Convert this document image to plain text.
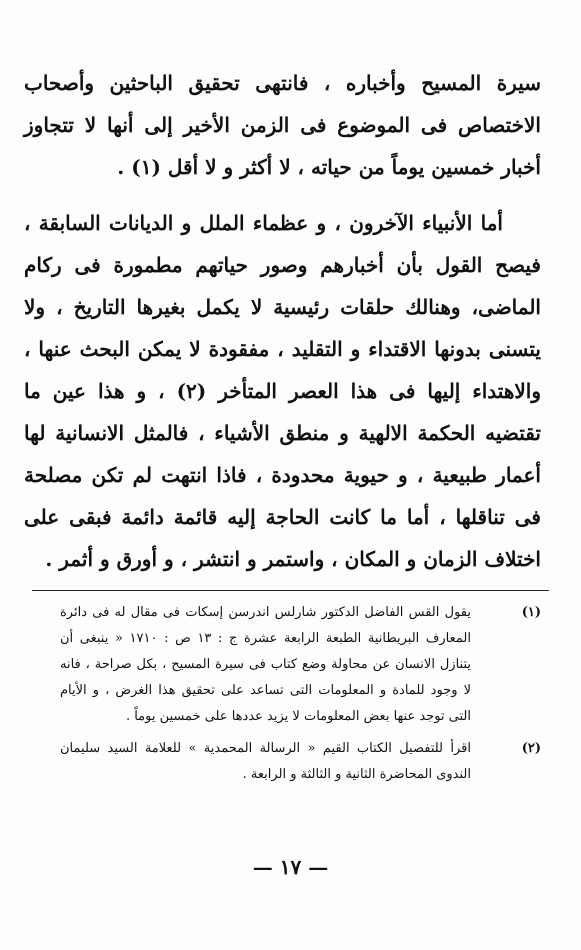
سيرة المسيح وأخباره ، فانتهى تحقيق الباحثين وأصحاب الاختصاص فى الموضوع فى الزمن الأخير إلى أنها لا تتجاوز أخبار خمسين يوماً من حياته ، لا أكثر و لا أقل (١) .

أما الأنبياء الآخرون ، و عظماء الملل و الديانات السابقة ، فيصح القول بأن أخبارهم وصور حياتهم مطمورة فى ركام الماضى، وهنالك حلقات رئيسية لا يكمل بغيرها التاريخ ، ولا يتسنى بدونها الاقتداء و التقليد ، مفقودة لا يمكن البحث عنها ، والاهتداء إليها فى هذا العصر المتأخر (٢) ، و هذا عين ما تقتضيه الحكمة الالهية و منطق الأشياء ، فالمثل الانسانية لها أعمار طبيعية ، و حيوية محدودة ، فاذا انتهت لم تكن مصلحة فى تناقلها ، أما ما كانت الحاجة إليه قائمة دائمة فبقى على اختلاف الزمان و المكان ، واستمر و انتشر ، و أورق و أثمر .

(١)
يقول القس الفاضل الدكتور شارلس اندرسن إسكات فى مقال له فى دائرة المعارف البريطانية الطبعة الرابعة عشرة ج : ١٣ ص : ١٧١٠ « ينبغى أن يتنازل الانسان عن محاولة وضع كتاب فى سيرة المسيح ، بكل صراحة ، فانه لا وجود للمادة و المعلومات التى تساعد على تحقيق هذا الغرض ، و الأيام التى توجد عنها بعض المعلومات لا يزيد عددها على خمسين يوماً .
(٢)
اقرأ للتفصيل الكتاب القيم « الرسالة المحمدية » للعلامة السيد سليمان الندوى المحاضرة الثانية و الثالثة و الرابعة .
— ١٧ —
